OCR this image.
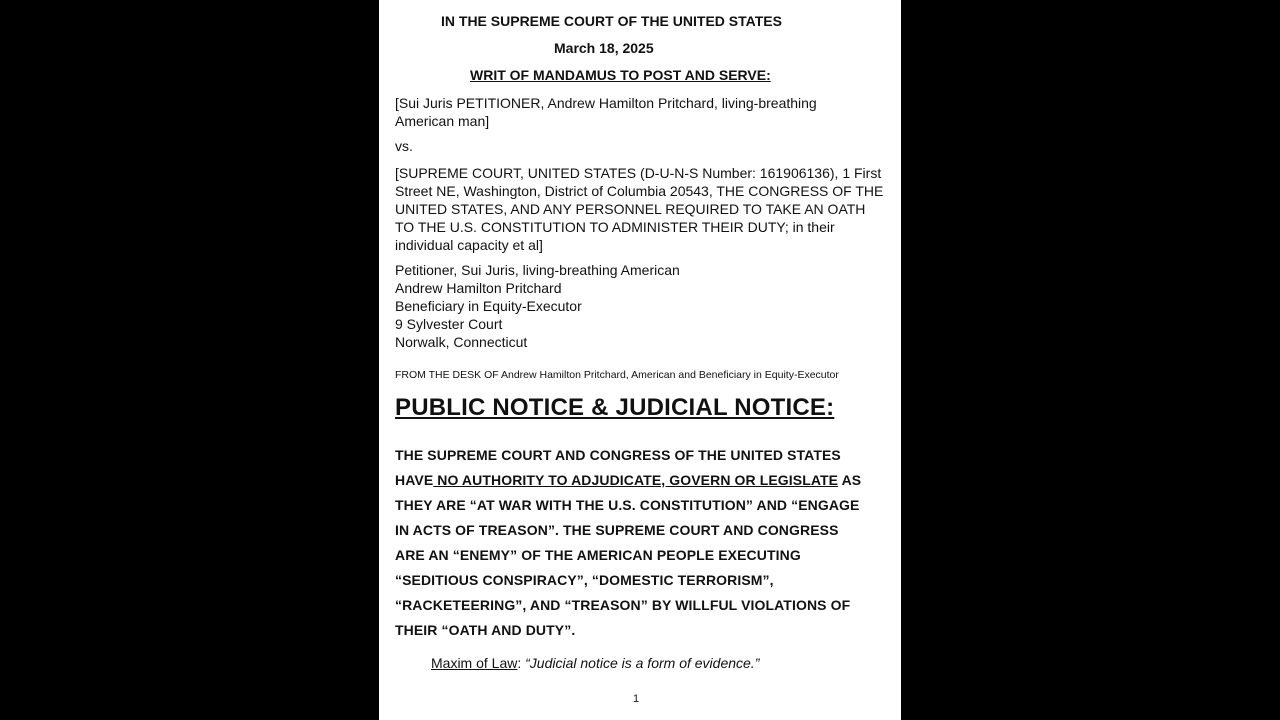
IN THE SUPREME COURT OF THE UNITED STATES
March 18, 2025
WRIT OF MANDAMUS TO POST AND SERVE:
[Sui Juris PETITIONER, Andrew Hamilton Pritchard, living-breathing American man]
vs.
[SUPREME COURT, UNITED STATES (D-U-N-S Number: 161906136), 1 First Street NE, Washington, District of Columbia 20543, THE CONGRESS OF THE UNITED STATES, AND ANY PERSONNEL REQUIRED TO TAKE AN OATH TO THE U.S. CONSTITUTION TO ADMINISTER THEIR DUTY; in their individual capacity et al]
Petitioner, Sui Juris, living-breathing American
Andrew Hamilton Pritchard
Beneficiary in Equity-Executor
9 Sylvester Court
Norwalk, Connecticut
FROM THE DESK OF Andrew Hamilton Pritchard, American and Beneficiary in Equity-Executor
PUBLIC NOTICE & JUDICIAL NOTICE:
THE SUPREME COURT AND CONGRESS OF THE UNITED STATES
HAVE NO AUTHORITY TO ADJUDICATE, GOVERN OR LEGISLATE AS
THEY ARE “AT WAR WITH THE U.S. CONSTITUTION” AND “ENGAGE
IN ACTS OF TREASON”. THE SUPREME COURT AND CONGRESS
ARE AN “ENEMY” OF THE AMERICAN PEOPLE EXECUTING
“SEDITIOUS CONSPIRACY”, “DOMESTIC TERRORISM”,
“RACKETEERING”, AND “TREASON” BY WILLFUL VIOLATIONS OF
THEIR “OATH AND DUTY”.
Maxim of Law: “Judicial notice is a form of evidence.”
1
